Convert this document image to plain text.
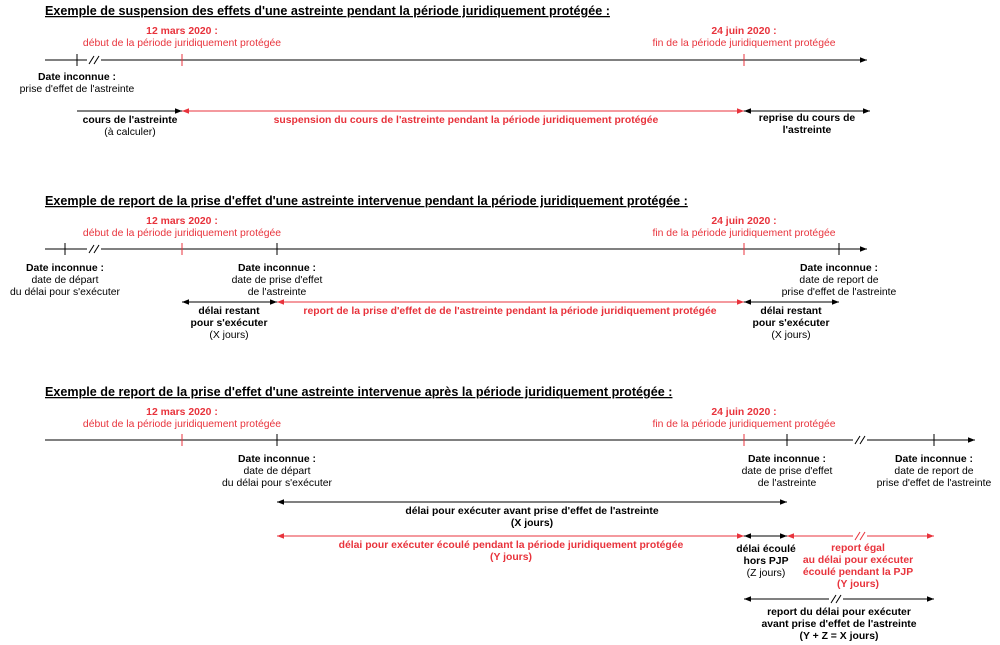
Exemple de suspension des effets d'une astreinte pendant la période juridiquement protégée :
12 mars 2020 :
début de la période juridiquement protégée
24 juin 2020 :
fin de la période juridiquement protégée
Date inconnue :
prise d'effet de l'astreinte
cours de l'astreinte
(à calculer)
suspension du cours de l'astreinte pendant la période juridiquement protégée	reprise du cours de
l'astreinte
Exemple de report de la prise d'effet d'une astreinte intervenue pendant la période juridiquement protégée :
12 mars 2020 :
début de la période juridiquement protégée
24 juin 2020 :
fin de la période juridiquement protégée
Date inconnue :
date de départ
du délai pour s'exécuter
Date inconnue :
date de prise d'effet
de l'astreinte
Date inconnue :
date de report de
prise d'effet de l'astreinte
délai restant
pour s'exécuter
(X jours)
report de la prise d'effet de de l'astreinte pendant la période juridiquement protégée	délai restant
pour s'exécuter
(X jours)
Exemple de report de la prise d'effet d'une astreinte intervenue après la période juridiquement protégée :
12 mars 2020 :
début de la période juridiquement protégée
24 juin 2020 :
fin de la période juridiquement protégée
Date inconnue :
date de départ
du délai pour s'exécuter
Date inconnue :
date de prise d'effet
de l'astreinte
Date inconnue :
date de report de
prise d'effet de l'astreinte
délai pour exécuter avant prise d'effet de l'astreinte
(X jours)
délai pour exécuter écoulé pendant la période juridiquement protégée
(Y jours)
délai écoulé
hors PJP
(Z jours)
report égal
au délai pour exécuter
écoulé pendant la PJP
(Y jours)
report du délai pour exécuter
avant prise d'effet de l'astreinte
(Y + Z = X jours)
